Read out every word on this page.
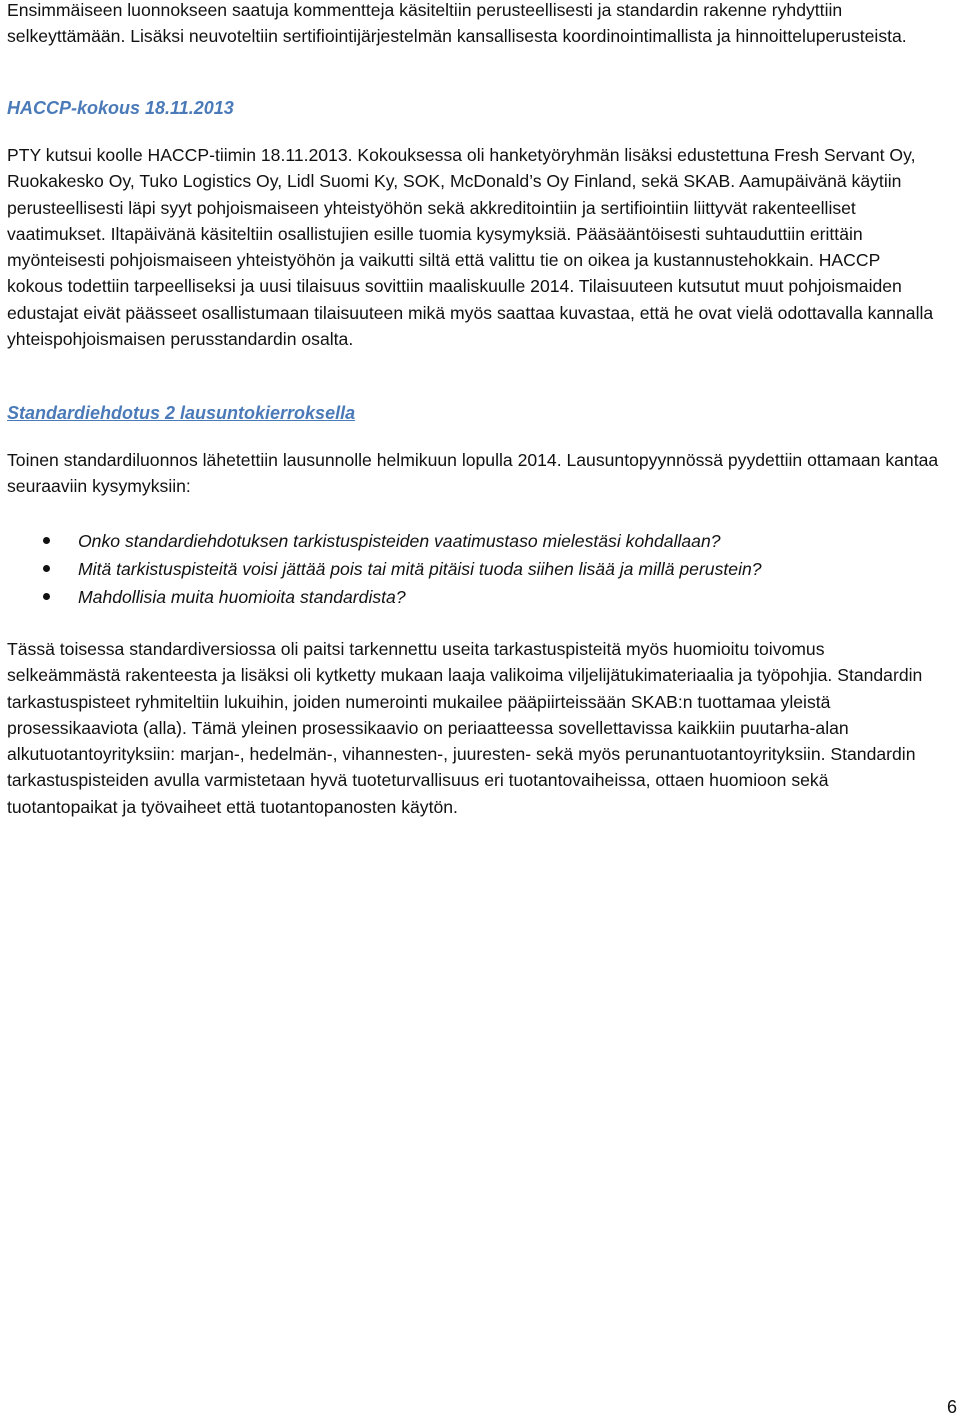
Ensimmäiseen luonnokseen saatuja kommentteja käsiteltiin perusteellisesti ja standardin rakenne ryhdyttiin selkeyttämään. Lisäksi neuvoteltiin sertifiointijärjestelmän kansallisesta koordinointimallista ja hinnoitteluperusteista.

HACCP-kokous 18.11.2013

PTY kutsui koolle HACCP-tiimin 18.11.2013. Kokouksessa oli hanketyöryhmän lisäksi edustettuna Fresh Servant Oy, Ruokakesko Oy, Tuko Logistics Oy, Lidl Suomi Ky, SOK, McDonald’s Oy Finland, sekä SKAB. Aamupäivänä käytiin perusteellisesti läpi syyt pohjoismaiseen yhteistyöhön sekä akkreditointiin ja sertifiointiin liittyvät rakenteelliset vaatimukset. Iltapäivänä käsiteltiin osallistujien esille tuomia kysymyksiä. Pääsääntöisesti suhtauduttiin erittäin myönteisesti pohjoismaiseen yhteistyöhön ja vaikutti siltä että valittu tie on oikea ja kustannustehokkain. HACCP kokous todettiin tarpeelliseksi ja uusi tilaisuus sovittiin maaliskuulle 2014. Tilaisuuteen kutsutut muut pohjoismaiden edustajat eivät päässeet osallistumaan tilaisuuteen mikä myös saattaa kuvastaa, että he ovat vielä odottavalla kannalla yhteispohjoismaisen perusstandardin osalta.

Standardiehdotus 2 lausuntokierroksella

Toinen standardiluonnos lähetettiin lausunnolle helmikuun lopulla 2014. Lausuntopyynnössä pyydettiin ottamaan kantaa seuraaviin kysymyksiin:

Onko standardiehdotuksen tarkistuspisteiden vaatimustaso mielestäsi kohdallaan?
Mitä tarkistuspisteitä voisi jättää pois tai mitä pitäisi tuoda siihen lisää ja millä perustein?
Mahdollisia muita huomioita standardista?

Tässä toisessa standardiversiossa oli paitsi tarkennettu useita tarkastuspisteitä myös huomioitu toivomus selkeämmästä rakenteesta ja lisäksi oli kytketty mukaan laaja valikoima viljelijätukimateriaalia ja työpohjia. Standardin tarkastuspisteet ryhmiteltiin lukuihin, joiden numerointi mukailee pääpiirteissään SKAB:n tuottamaa yleistä prosessikaaviota (alla). Tämä yleinen prosessikaavio on periaatteessa sovellettavissa kaikkiin puutarha-alan alkutuotantoyrityksiin: marjan-, hedelmän-, vihannesten-, juuresten- sekä myös perunantuotantoyrityksiin. Standardin tarkastuspisteiden avulla varmistetaan hyvä tuoteturvallisuus eri tuotantovaiheissa, ottaen huomioon sekä tuotantopaikat ja työvaiheet että tuotantopanosten käytön.

6
